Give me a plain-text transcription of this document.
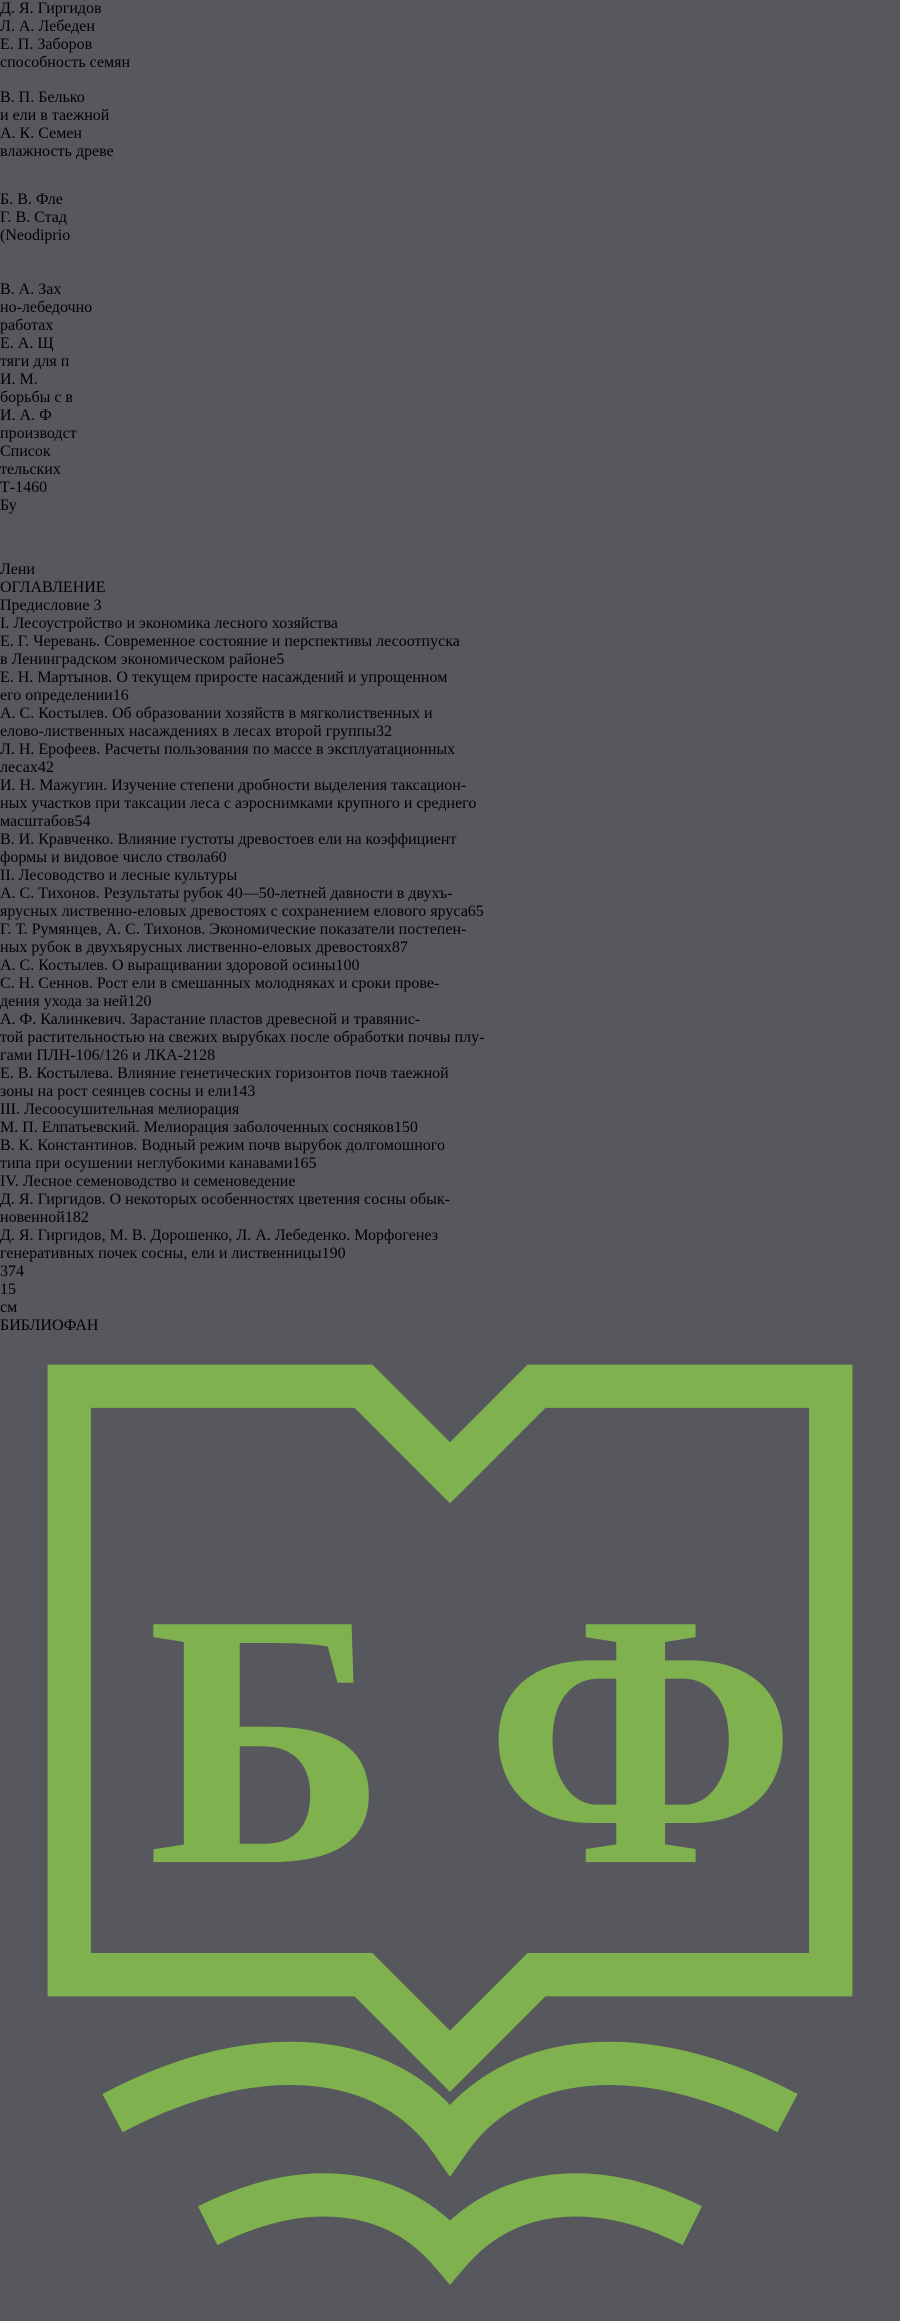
Д. Я. Гиргидов
Л. А. Лебеден
Е. П. Заборов
способность семян
В. П. Белько
и ели в таежной
А. К. Семен
влажность древе
Б. В. Фле
Г. В. Стад
(Neodiprio
В. А. Зах
но-лебедочно
работах
Е. А. Щ
тяги для п
И. М.
борьбы с в
И. А. Ф
производст
Список
тельских
Т-1460
Бу
Лени
ОГЛАВЛЕНИЕ
Предисловие 3
I. Лесоустройство и экономика лесного хозяйства
Е. Г. Черевань. Современное состояние и перспективы лесоотпуска
в Ленинградском экономическом районе5
Е. Н. Мартынов. О текущем приросте насаждений и упрощенном
его определении16
А. С. Костылев. Об образовании хозяйств в мягколиственных и
елово-лиственных насаждениях в лесах второй группы32
Л. Н. Ерофеев. Расчеты пользования по массе в эксплуатационных
лесах42
И. Н. Мажугин. Изучение степени дробности выделения таксацион-
ных участков при таксации леса с аэроснимками крупного и среднего
масштабов54
В. И. Кравченко. Влияние густоты древостоев ели на коэффициент
формы и видовое число ствола60
II. Лесоводство и лесные культуры
А. С. Тихонов. Результаты рубок 40—50-летней давности в двухъ-
ярусных лиственно-еловых древостоях с сохранением елового яруса65
Г. Т. Румянцев, А. С. Тихонов. Экономические показатели постепен-
ных рубок в двухъярусных лиственно-еловых древостоях87
А. С. Костылев. О выращивании здоровой осины100
С. Н. Сеннов. Рост ели в смешанных молодняках и сроки прове-
дения ухода за ней120
А. Ф. Калинкевич. Зарастание пластов древесной и травянис-
той растительностью на свежих вырубках после обработки почвы плу-
гами ПЛН-106/126 и ЛКА-2128
Е. В. Костылева. Влияние генетических горизонтов почв таежной
зоны на рост сеянцев сосны и ели143
III. Лесоосушительная мелиорация
М. П. Елпатьевский. Мелиорация заболоченных сосняков150
В. К. Константинов. Водный режим почв вырубок долгомошного
типа при осушении неглубокими канавами165
IV. Лесное семеноводство и семеноведение
Д. Я. Гиргидов. О некоторых особенностях цветения сосны обык-
новенной182
Д. Я. Гиргидов, М. В. Дорошенко, Л. А. Лебеденко. Морфогенез
генеративных почек сосны, ели и лиственницы190
374
15
см
Б Ф
БИБЛИОФАН
